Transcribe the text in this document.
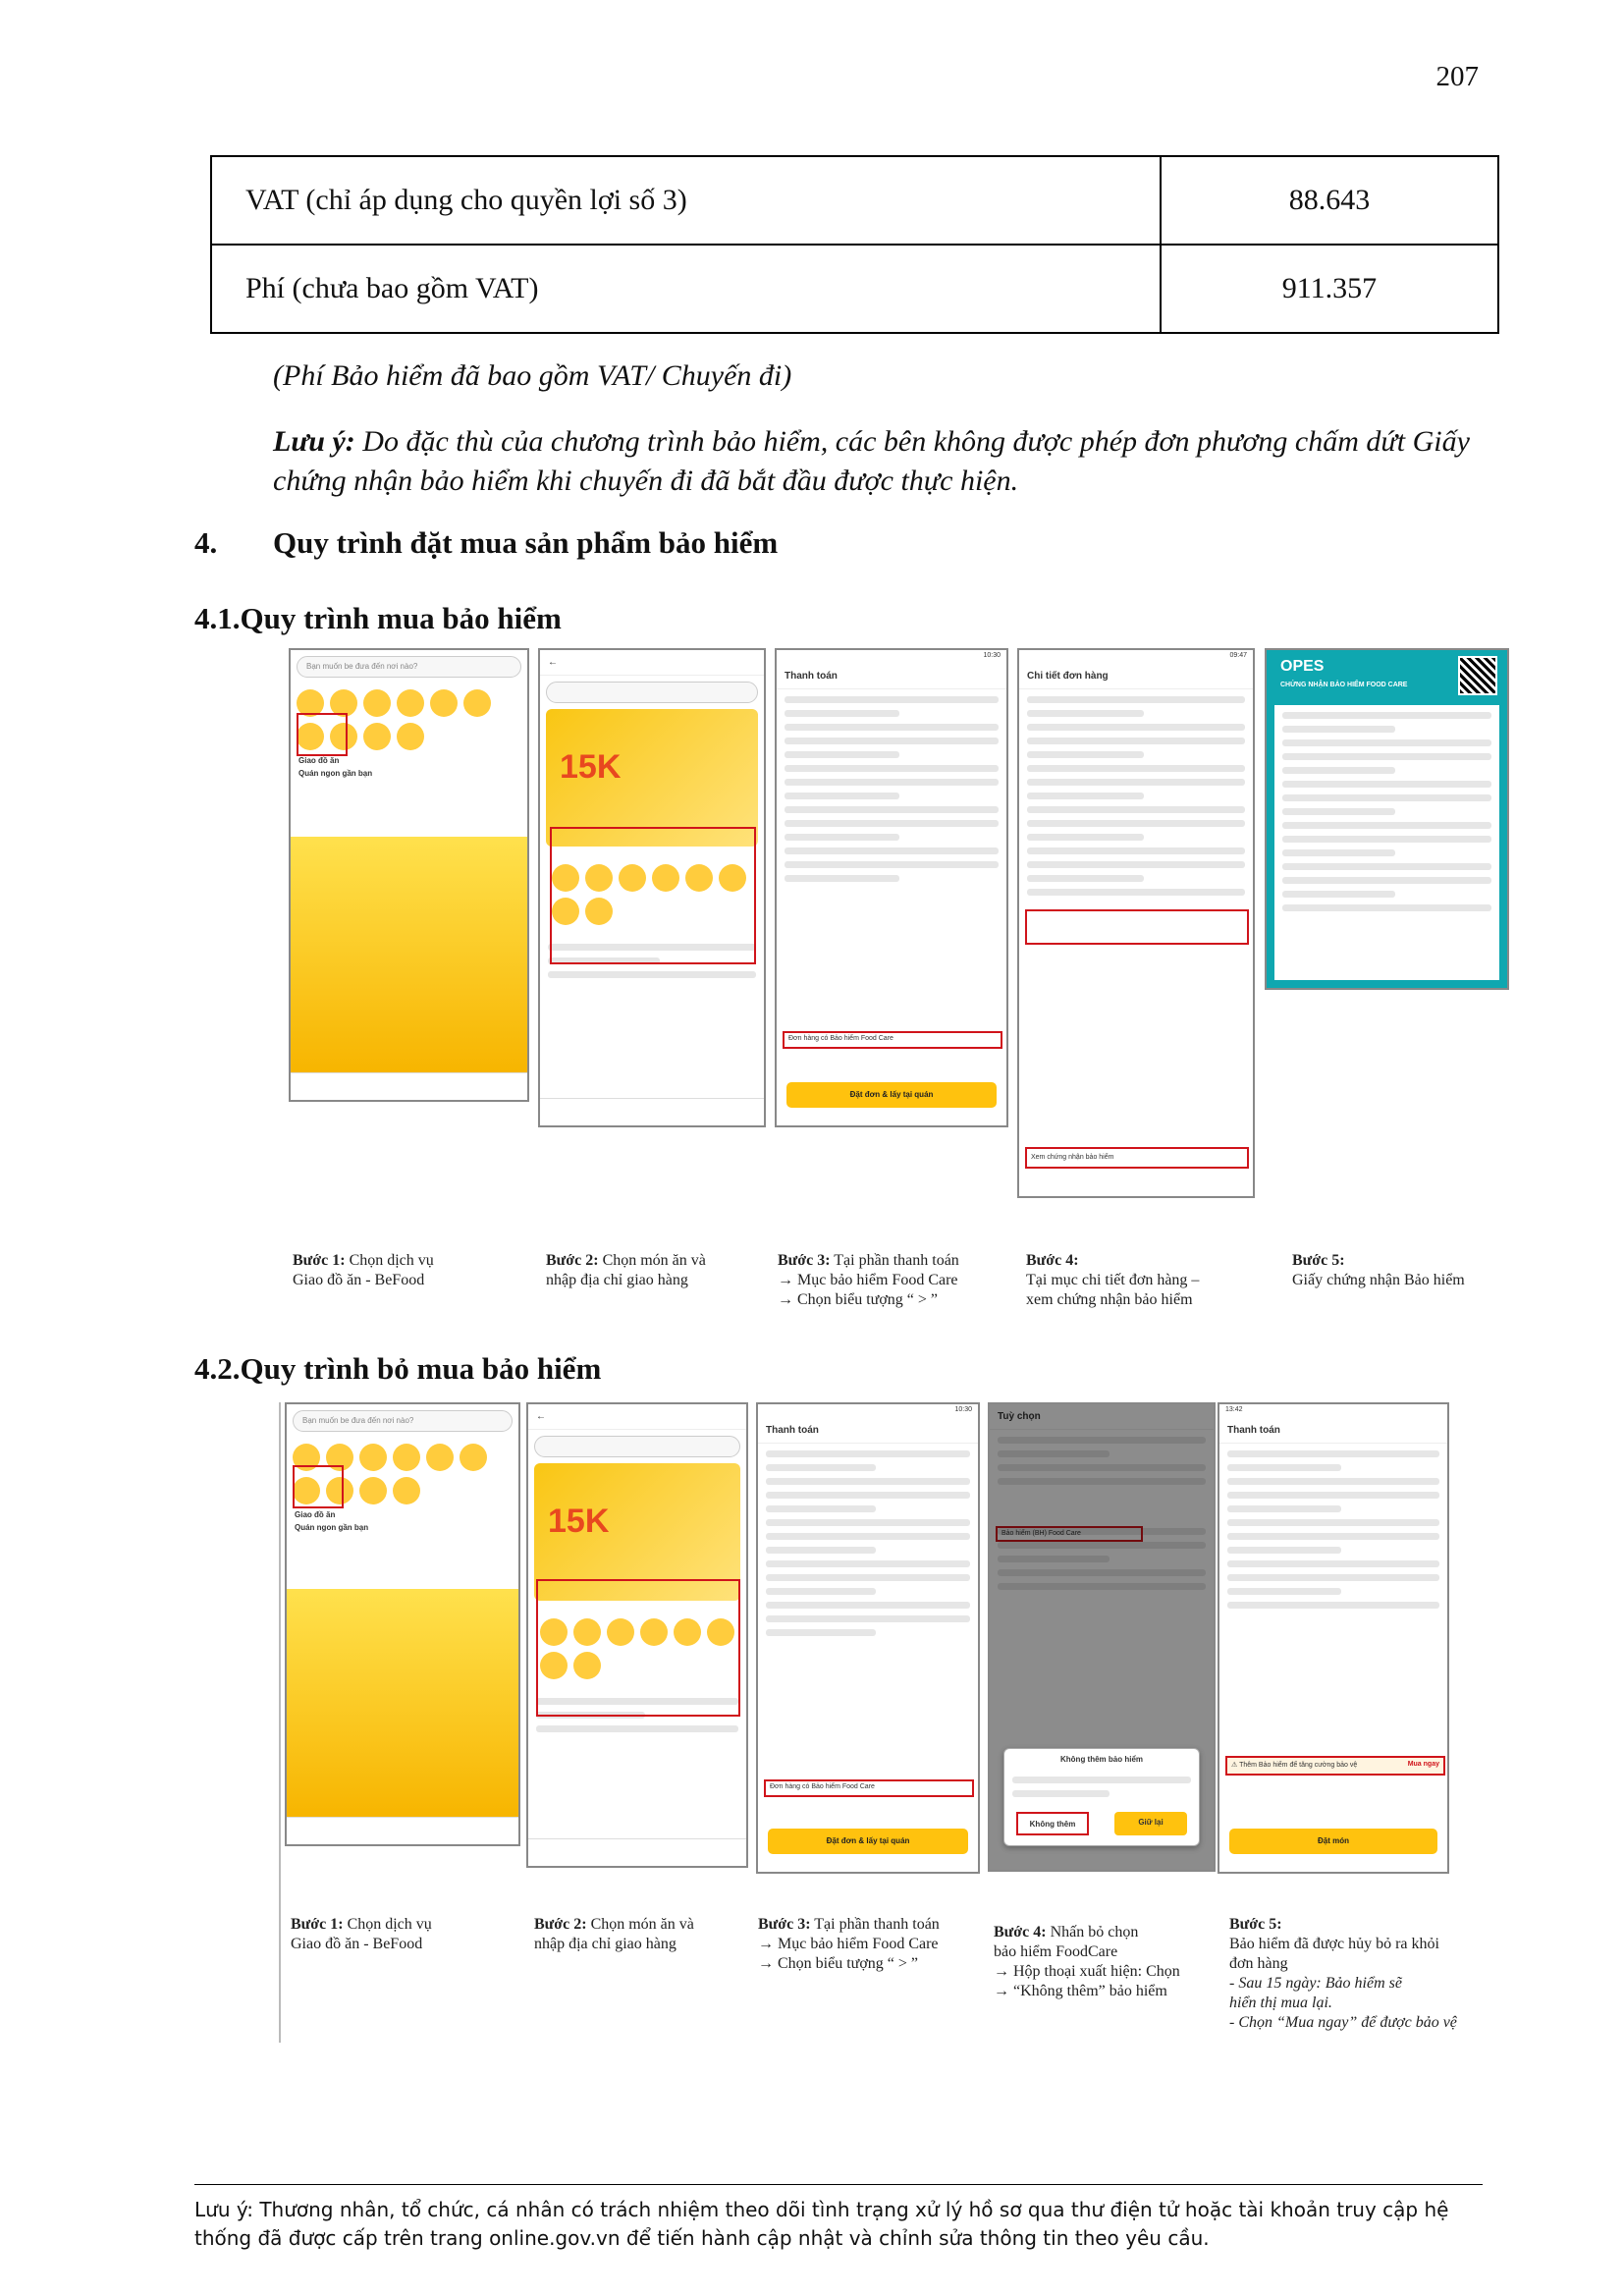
207
VAT (chỉ áp dụng cho quyền lợi số 3)	88.643
Phí (chưa bao gồm VAT)	911.357
(Phí Bảo hiểm đã bao gồm VAT/ Chuyến đi)
Lưu ý: Do đặc thù của chương trình bảo hiểm, các bên không được phép đơn phương chấm dứt Giấy chứng nhận bảo hiểm khi chuyến đi đã bắt đầu được thực hiện.
4. Quy trình đặt mua sản phẩm bảo hiểm
4.1.Quy trình mua bảo hiểm
Bạn muốn be đưa đến nơi nào?
Giao đồ ăn
Quán ngon gần bạn
←
15K
10:30
Thanh toán
Đơn hàng có Bảo hiểm Food Care
Đặt đơn & lấy tại quán
09:47
Chi tiết đơn hàng
Xem chứng nhận bảo hiểm
OPES
CHỨNG NHẬN BẢO HIỂM FOOD CARE
Bước 1: Chọn dịch vụ
Giao đồ ăn - BeFood
Bước 2: Chọn món ăn và
nhập địa chỉ giao hàng
Bước 3: Tại phần thanh toán
→ Mục bảo hiểm Food Care
→ Chọn biểu tượng “ > ”
Bước 4:
Tại mục chi tiết đơn hàng –
xem chứng nhận bảo hiểm
Bước 5:
Giấy chứng nhận Bảo hiểm
4.2.Quy trình bỏ mua bảo hiểm
Bạn muốn be đưa đến nơi nào?
Giao đồ ăn
Quán ngon gần bạn
←
15K
10:30
Thanh toán
Đơn hàng có Bảo hiểm Food Care
Đặt đơn & lấy tại quán
Tuỳ chọn
Bảo hiểm (BH) Food Care
Không thêm bảo hiểm
Không thêm	Giữ lại
13:42
Thanh toán
⚠ Thêm Bảo hiểm để tăng cường bảo vệ	Mua ngay
Đặt món
Bước 1: Chọn dịch vụ
Giao đồ ăn - BeFood
Bước 2: Chọn món ăn và
nhập địa chỉ giao hàng
Bước 3: Tại phần thanh toán
→ Mục bảo hiểm Food Care
→ Chọn biểu tượng “ > ”
Bước 4: Nhấn bỏ chọn
bảo hiểm FoodCare
→ Hộp thoại xuất hiện: Chọn
→ “Không thêm” bảo hiểm
Bước 5:
Bảo hiểm đã được hủy bỏ ra khỏi
đơn hàng
- Sau 15 ngày: Bảo hiểm sẽ
hiển thị mua lại.
- Chọn “Mua ngay” để được bảo vệ
Lưu ý: Thương nhân, tổ chức, cá nhân có trách nhiệm theo dõi tình trạng xử lý hồ sơ qua thư điện tử hoặc tài khoản truy cập hệ thống đã được cấp trên trang online.gov.vn để tiến hành cập nhật và chỉnh sửa thông tin theo yêu cầu.
